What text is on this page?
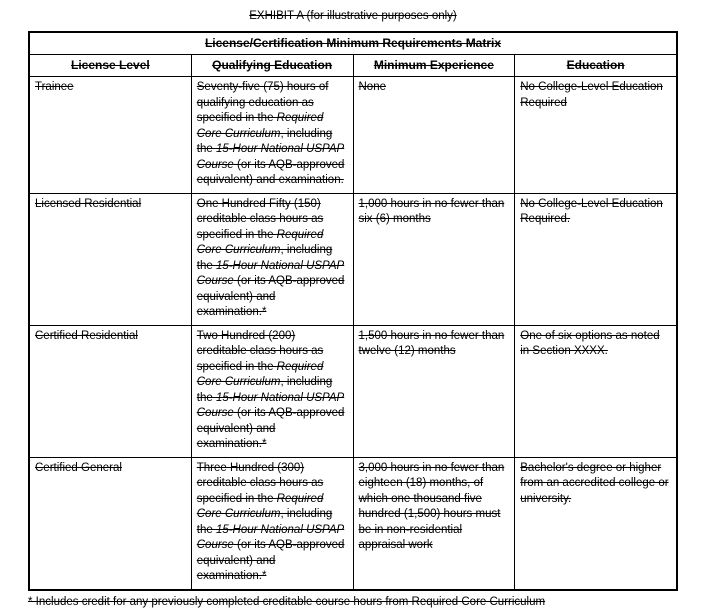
EXHIBIT A (for illustrative purposes only)
License/Certification Minimum Requirements Matrix			
License Level	Qualifying Education	Minimum Experience	Education

Trainee	Seventy-five (75) hours of qualifying education as specified in the Required Core Curriculum, including the 15-Hour National USPAP Course (or its AQB-approved equivalent) and examination.	None	No College-Level Education Required

Licensed Residential	One Hundred Fifty (150) creditable class hours as specified in the Required Core Curriculum, including the 15-Hour National USPAP Course (or its AQB-approved equivalent) and examination.*	1,000 hours in no fewer than six (6) months	No College-Level Education Required.

Certified Residential	Two Hundred (200) creditable class hours as specified in the Required Core Curriculum, including the 15-Hour National USPAP Course (or its AQB-approved equivalent) and examination.*	1,500 hours in no fewer than twelve (12) months	One of six options as noted in Section XXXX.

Certified General	Three Hundred (300) creditable class hours as specified in the Required Core Curriculum, including the 15-Hour National USPAP Course (or its AQB-approved equivalent) and examination.*	3,000 hours in no fewer than eighteen (18) months, of which one thousand five hundred (1,500) hours must be in non-residential appraisal work	Bachelor's degree or higher from an accredited college or university.
* Includes credit for any previously completed creditable course hours from Required Core Curriculum
